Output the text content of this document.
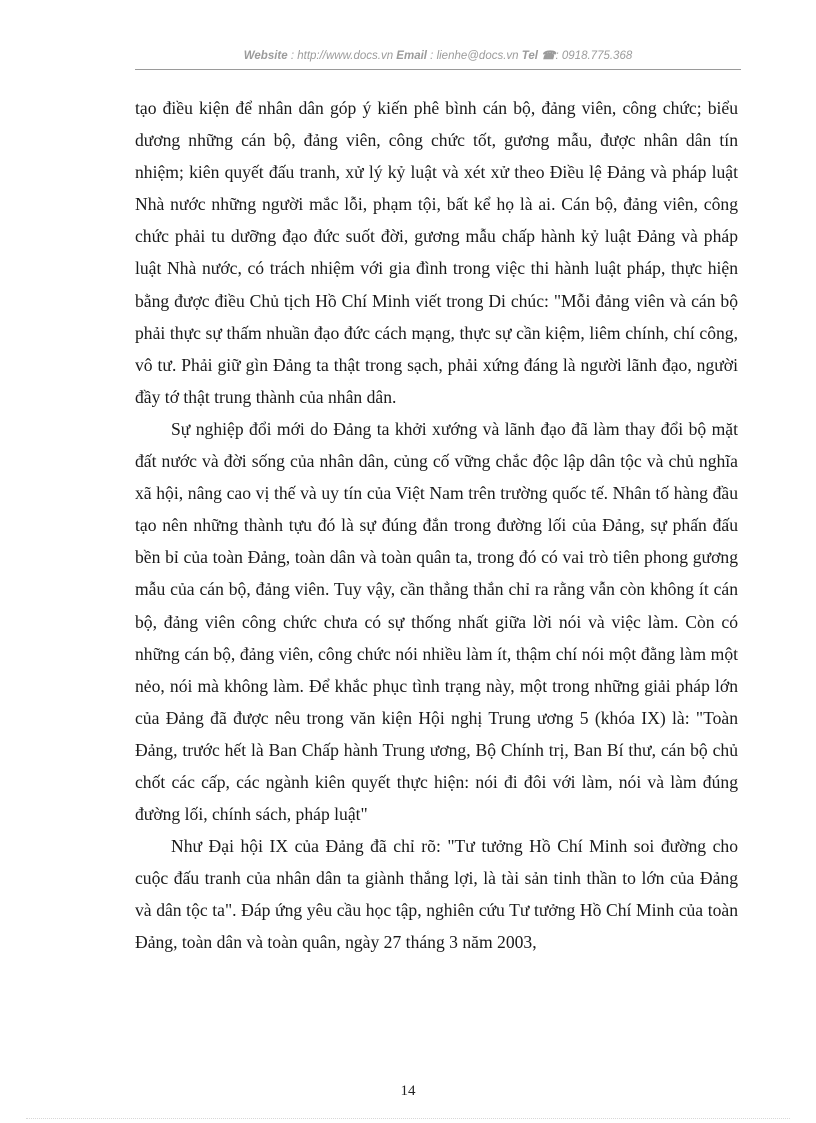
Website : http://www.docs.vn Email : lienhe@docs.vn Tel ☎: 0918.775.368

tạo điều kiện để nhân dân góp ý kiến phê bình cán bộ, đảng viên, công chức; biểu dương những cán bộ, đảng viên, công chức tốt, gương mẫu, được nhân dân tín nhiệm; kiên quyết đấu tranh, xử lý kỷ luật và xét xử theo Điều lệ Đảng và pháp luật Nhà nước những người mắc lỗi, phạm tội, bất kể họ là ai. Cán bộ, đảng viên, công chức phải tu dưỡng đạo đức suốt đời, gương mẫu chấp hành kỷ luật Đảng và pháp luật Nhà nước, có trách nhiệm với gia đình trong việc thi hành luật pháp, thực hiện bằng được điều Chủ tịch Hồ Chí Minh viết trong Di chúc: "Mỗi đảng viên và cán bộ phải thực sự thấm nhuần đạo đức cách mạng, thực sự cần kiệm, liêm chính, chí công, vô tư. Phải giữ gìn Đảng ta thật trong sạch, phải xứng đáng là người lãnh đạo, người đầy tớ thật trung thành của nhân dân.

Sự nghiệp đổi mới do Đảng ta khởi xướng và lãnh đạo đã làm thay đổi bộ mặt đất nước và đời sống của nhân dân, củng cố vững chắc độc lập dân tộc và chủ nghĩa xã hội, nâng cao vị thế và uy tín của Việt Nam trên trường quốc tế. Nhân tố hàng đầu tạo nên những thành tựu đó là sự đúng đắn trong đường lối của Đảng, sự phấn đấu bền bỉ của toàn Đảng, toàn dân và toàn quân ta, trong đó có vai trò tiên phong gương mẫu của cán bộ, đảng viên. Tuy vậy, cần thẳng thắn chỉ ra rằng vẫn còn không ít cán bộ, đảng viên công chức chưa có sự thống nhất giữa lời nói và việc làm. Còn có những cán bộ, đảng viên, công chức nói nhiều làm ít, thậm chí nói một đằng làm một nẻo, nói mà không làm. Để khắc phục tình trạng này, một trong những giải pháp lớn của Đảng đã được nêu trong văn kiện Hội nghị Trung ương 5 (khóa IX) là: "Toàn Đảng, trước hết là Ban Chấp hành Trung ương, Bộ Chính trị, Ban Bí thư, cán bộ chủ chốt các cấp, các ngành kiên quyết thực hiện: nói đi đôi với làm, nói và làm đúng đường lối, chính sách, pháp luật"

Như Đại hội IX của Đảng đã chỉ rõ: "Tư tưởng Hồ Chí Minh soi đường cho cuộc đấu tranh của nhân dân ta giành thắng lợi, là tài sản tinh thần to lớn của Đảng và dân tộc ta". Đáp ứng yêu cầu học tập, nghiên cứu Tư tưởng Hồ Chí Minh của toàn Đảng, toàn dân và toàn quân, ngày 27 tháng 3 năm 2003,

14
